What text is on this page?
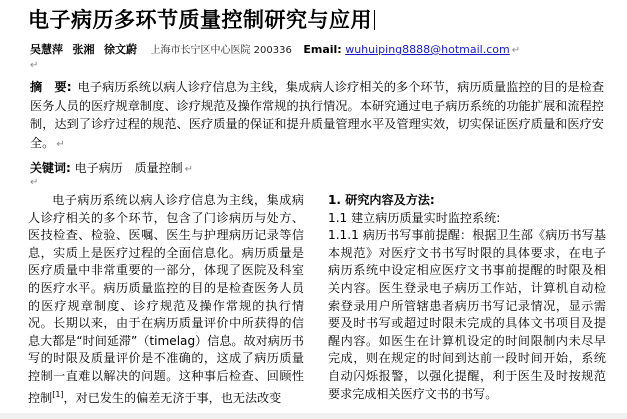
电子病历多环节质量控制研究与应用
吴慧萍 张湘 徐文蔚 上海市长宁区中心医院 200336 Email: wuhuiping8888@hotmail.com ↵
↵
摘　要: 电子病历系统以病人诊疗信息为主线，集成病人诊疗相关的多个环节，病历质量监控的目的是检查医务人员的医疗规章制度、诊疗规范及操作常规的执行情况。本研究通过电子病历系统的功能扩展和流程控制，达到了诊疗过程的规范、医疗质量的保证和提升质量管理水平及管理实效，切实保证医疗质量和医疗安全。 ↵
关键词: 电子病历　质量控制 ↵
↵
电子病历系统以病人诊疗信息为主线，集成病人诊疗相关的多个环节，包含了门诊病历与处方、医技检查、检验、医嘱、医生与护理病历记录等信息，实质上是医疗过程的全面信息化。病历质量是医疗质量中非常重要的一部分，体现了医院及科室的医疗水平。病历质量监控的目的是检查医务人员的医疗规章制度、诊疗规范及操作常规的执行情况。长期以来，由于在病历质量评价中所获得的信息大都是“时间延滞”（timelag）信息。故对病历书写的时限及质量评价是不准确的，这成了病历质量控制一直难以解决的问题。这种事后检查、回顾性控制[1]，对已发生的偏差无济于事，也无法改变
1. 研究内容及方法:
1.1 建立病历质量实时监控系统:
1.1.1 病历书写事前提醒：根据卫生部《病历书写基本规范》对医疗文书书写时限的具体要求，在电子病历系统中设定相应医疗文书事前提醒的时限及相关内容。医生登录电子病历工作站，计算机自动检索登录用户所管辖患者病历书写记录情况，显示需要及时书写或超过时限未完成的具体文书项目及提醒内容。如医生在计算机设定的时间限制内未尽早完成，则在规定的时间到达前一段时间开始，系统自动闪烁报警，以强化提醒，利于医生及时按规范要求完成相关医疗文书的书写。
